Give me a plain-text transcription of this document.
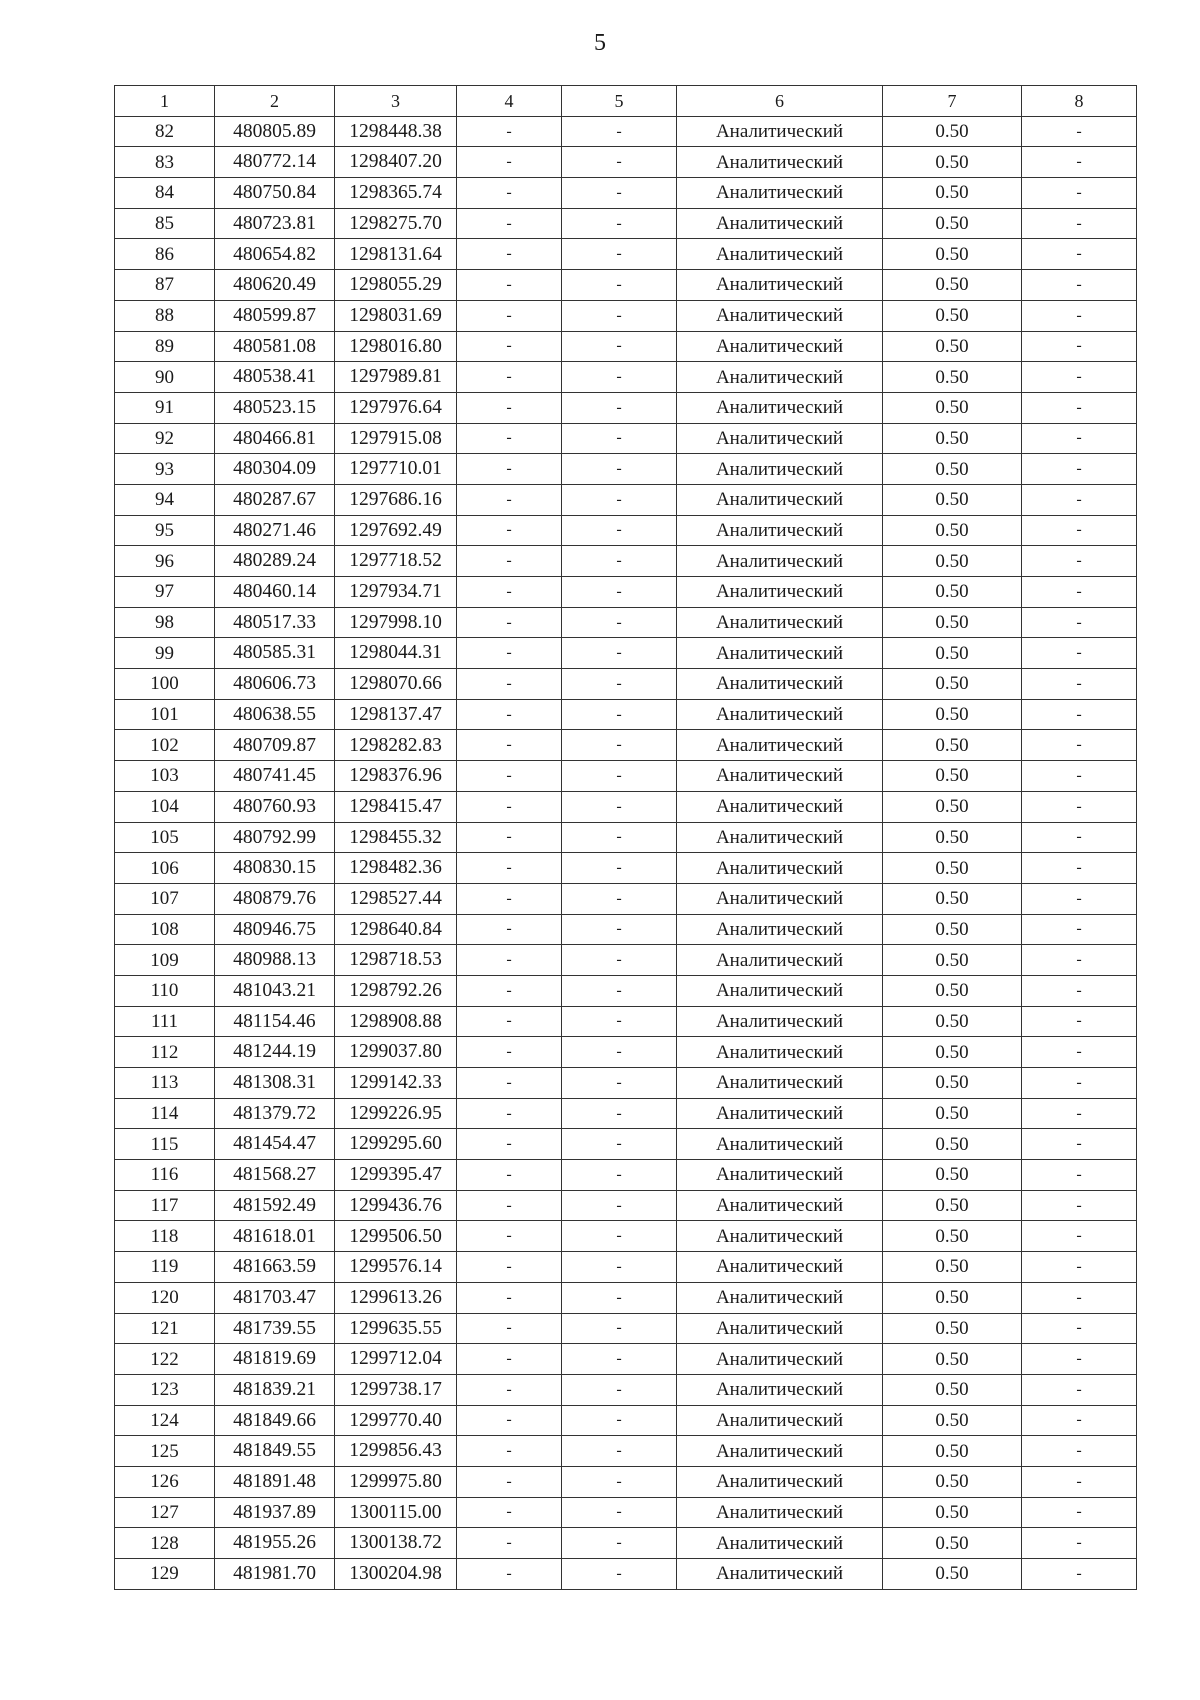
5
1	2	3	4	5	6	7	8
82	480805.89	1298448.38	-	-	Аналитический	0.50	-
83	480772.14	1298407.20	-	-	Аналитический	0.50	-
84	480750.84	1298365.74	-	-	Аналитический	0.50	-
85	480723.81	1298275.70	-	-	Аналитический	0.50	-
86	480654.82	1298131.64	-	-	Аналитический	0.50	-
87	480620.49	1298055.29	-	-	Аналитический	0.50	-
88	480599.87	1298031.69	-	-	Аналитический	0.50	-
89	480581.08	1298016.80	-	-	Аналитический	0.50	-
90	480538.41	1297989.81	-	-	Аналитический	0.50	-
91	480523.15	1297976.64	-	-	Аналитический	0.50	-
92	480466.81	1297915.08	-	-	Аналитический	0.50	-
93	480304.09	1297710.01	-	-	Аналитический	0.50	-
94	480287.67	1297686.16	-	-	Аналитический	0.50	-
95	480271.46	1297692.49	-	-	Аналитический	0.50	-
96	480289.24	1297718.52	-	-	Аналитический	0.50	-
97	480460.14	1297934.71	-	-	Аналитический	0.50	-
98	480517.33	1297998.10	-	-	Аналитический	0.50	-
99	480585.31	1298044.31	-	-	Аналитический	0.50	-
100	480606.73	1298070.66	-	-	Аналитический	0.50	-
101	480638.55	1298137.47	-	-	Аналитический	0.50	-
102	480709.87	1298282.83	-	-	Аналитический	0.50	-
103	480741.45	1298376.96	-	-	Аналитический	0.50	-
104	480760.93	1298415.47	-	-	Аналитический	0.50	-
105	480792.99	1298455.32	-	-	Аналитический	0.50	-
106	480830.15	1298482.36	-	-	Аналитический	0.50	-
107	480879.76	1298527.44	-	-	Аналитический	0.50	-
108	480946.75	1298640.84	-	-	Аналитический	0.50	-
109	480988.13	1298718.53	-	-	Аналитический	0.50	-
110	481043.21	1298792.26	-	-	Аналитический	0.50	-
111	481154.46	1298908.88	-	-	Аналитический	0.50	-
112	481244.19	1299037.80	-	-	Аналитический	0.50	-
113	481308.31	1299142.33	-	-	Аналитический	0.50	-
114	481379.72	1299226.95	-	-	Аналитический	0.50	-
115	481454.47	1299295.60	-	-	Аналитический	0.50	-
116	481568.27	1299395.47	-	-	Аналитический	0.50	-
117	481592.49	1299436.76	-	-	Аналитический	0.50	-
118	481618.01	1299506.50	-	-	Аналитический	0.50	-
119	481663.59	1299576.14	-	-	Аналитический	0.50	-
120	481703.47	1299613.26	-	-	Аналитический	0.50	-
121	481739.55	1299635.55	-	-	Аналитический	0.50	-
122	481819.69	1299712.04	-	-	Аналитический	0.50	-
123	481839.21	1299738.17	-	-	Аналитический	0.50	-
124	481849.66	1299770.40	-	-	Аналитический	0.50	-
125	481849.55	1299856.43	-	-	Аналитический	0.50	-
126	481891.48	1299975.80	-	-	Аналитический	0.50	-
127	481937.89	1300115.00	-	-	Аналитический	0.50	-
128	481955.26	1300138.72	-	-	Аналитический	0.50	-
129	481981.70	1300204.98	-	-	Аналитический	0.50	-
